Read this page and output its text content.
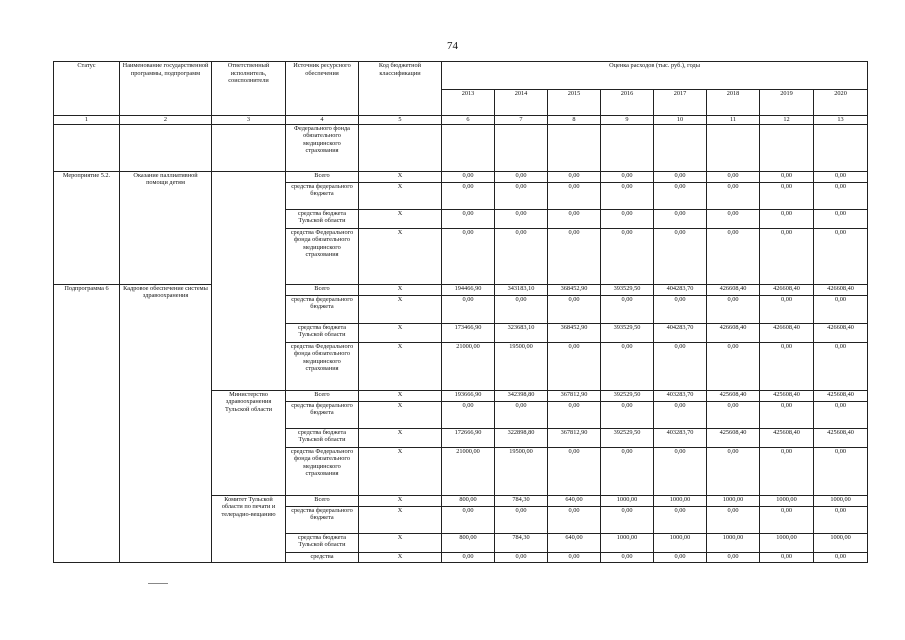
74
Статус	Наименование государственной программы, подпрограмм	Ответственный исполнитель, соисполнители	Источник ресурсного обеспечения	Код бюджетной классификации	Оценка расходов (тыс. руб.), годы							
					2013	2014	2015	2016	2017	2018	2019	2020
1	2	3	4	5	6	7	8	9	10	11	12	13
			Федерального фонда обязательного медицинского страхования									
Мероприятие 5.2.	Оказание паллиативной помощи детям		Всего	Х	0,00	0,00	0,00	0,00	0,00	0,00	0,00	0,00
			средства федерального бюджета	Х	0,00	0,00	0,00	0,00	0,00	0,00	0,00	0,00
			средства бюджета Тульской области	Х	0,00	0,00	0,00	0,00	0,00	0,00	0,00	0,00
			средства Федерального фонда обязательного медицинского страхования	Х	0,00	0,00	0,00	0,00	0,00	0,00	0,00	0,00
Подпрограмма 6	Кадровое обеспечение системы здравоохранения		Всего	Х	194466,90	343183,10	368452,90	393529,50	404283,70	426608,40	426608,40	426608,40
			средства федерального бюджета	Х	0,00	0,00	0,00	0,00	0,00	0,00	0,00	0,00
			средства бюджета Тульской области	Х	173466,90	323683,10	368452,90	393529,50	404283,70	426608,40	426608,40	426608,40
			средства Федерального фонда обязательного медицинского страхования	Х	21000,00	19500,00	0,00	0,00	0,00	0,00	0,00	0,00
		Министерство здравоохранения Тульской области	Всего	Х	193666,90	342398,80	367812,90	392529,50	403283,70	425608,40	425608,40	425608,40
			средства федерального бюджета	Х	0,00	0,00	0,00	0,00	0,00	0,00	0,00	0,00
			средства бюджета Тульской области	Х	172666,90	322898,80	367812,90	392529,50	403283,70	425608,40	425608,40	425608,40
			средства Федерального фонда обязательного медицинского страхования	Х	21000,00	19500,00	0,00	0,00	0,00	0,00	0,00	0,00
		Комитет Тульской области по печати и телерадио-вещанию	Всего	Х	800,00	784,30	640,00	1000,00	1000,00	1000,00	1000,00	1000,00
			средства федерального бюджета	Х	0,00	0,00	0,00	0,00	0,00	0,00	0,00	0,00
			средства бюджета Тульской области	Х	800,00	784,30	640,00	1000,00	1000,00	1000,00	1000,00	1000,00
			средства	Х	0,00	0,00	0,00	0,00	0,00	0,00	0,00	0,00
